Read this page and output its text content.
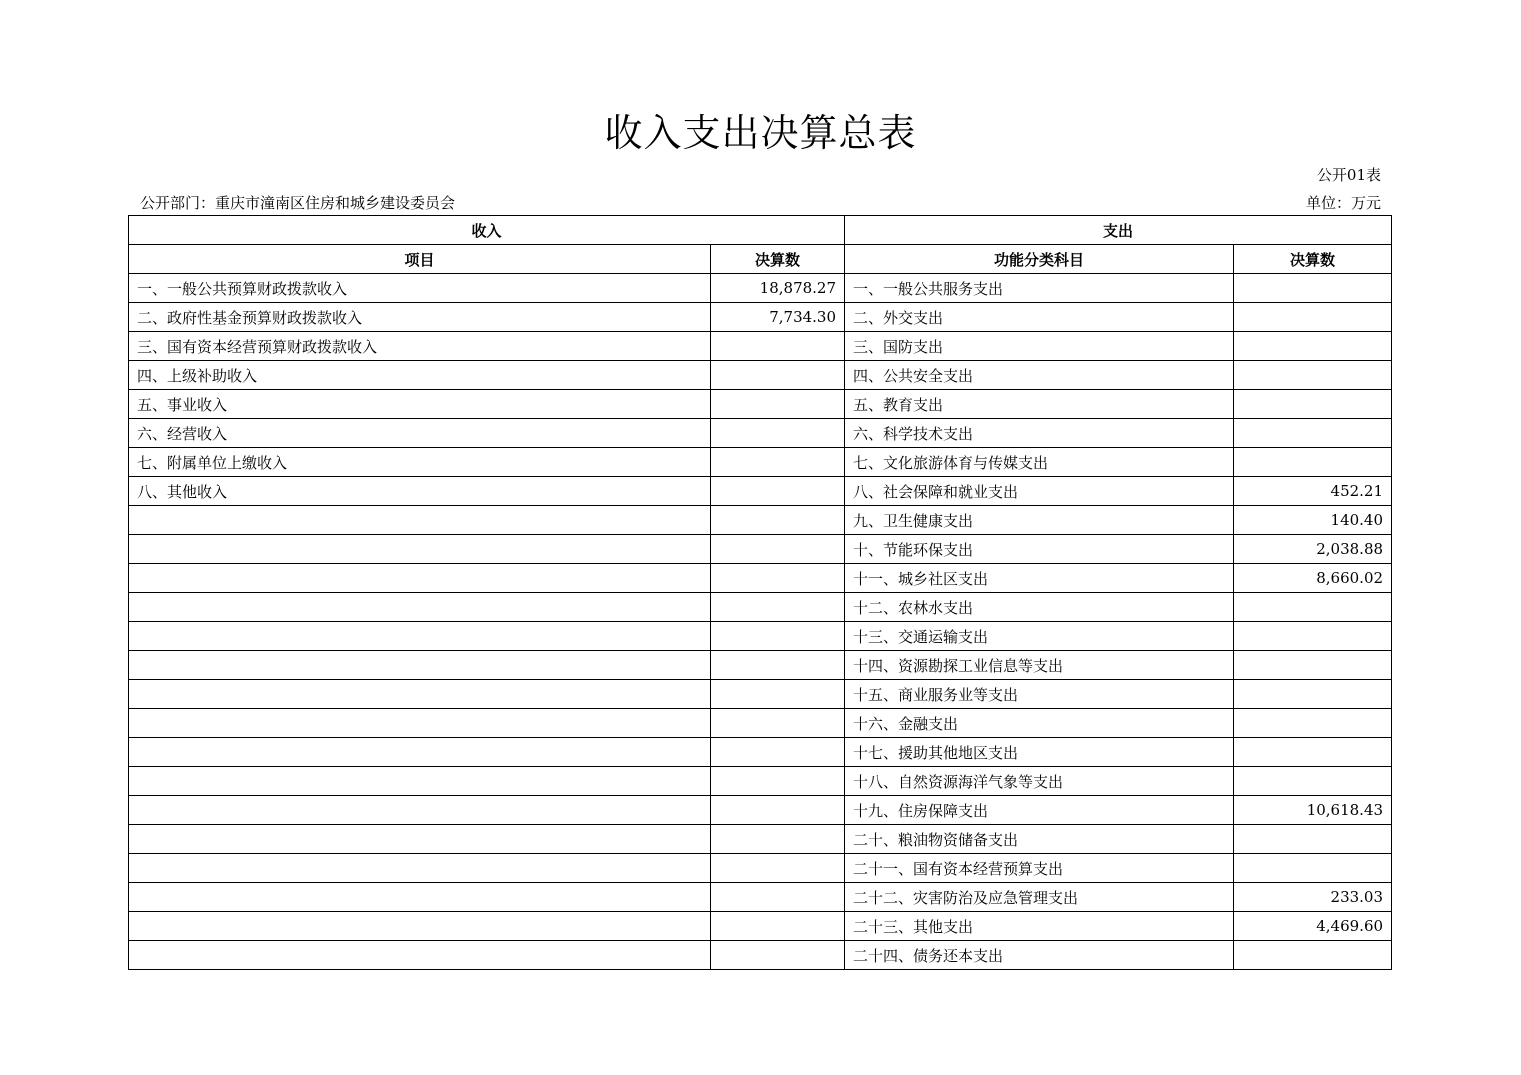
收入支出决算总表
公开01表
公开部门：重庆市潼南区住房和城乡建设委员会	单位：万元
收入		支出	
项目	决算数	功能分类科目	决算数
一、一般公共预算财政拨款收入	18,878.27	一、一般公共服务支出	
二、政府性基金预算财政拨款收入	7,734.30	二、外交支出	
三、国有资本经营预算财政拨款收入		三、国防支出	
四、上级补助收入		四、公共安全支出	
五、事业收入		五、教育支出	
六、经营收入		六、科学技术支出	
七、附属单位上缴收入		七、文化旅游体育与传媒支出	
八、其他收入		八、社会保障和就业支出	452.21
		九、卫生健康支出	140.40
		十、节能环保支出	2,038.88
		十一、城乡社区支出	8,660.02
		十二、农林水支出	
		十三、交通运输支出	
		十四、资源勘探工业信息等支出	
		十五、商业服务业等支出	
		十六、金融支出	
		十七、援助其他地区支出	
		十八、自然资源海洋气象等支出	
		十九、住房保障支出	10,618.43
		二十、粮油物资储备支出	
		二十一、国有资本经营预算支出	
		二十二、灾害防治及应急管理支出	233.03
		二十三、其他支出	4,469.60
		二十四、债务还本支出	
